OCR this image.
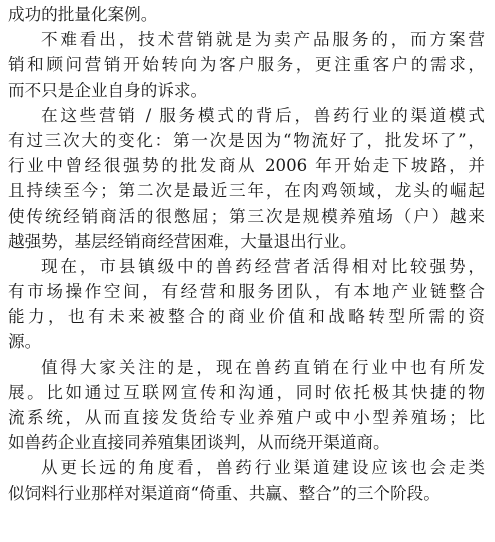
成功的批量化案例。

不难看出，技术营销就是为卖产品服务的，而方案营
销和顾问营销开始转向为客户服务，更注重客户的需求，
而不只是企业自身的诉求。

在这些营销 / 服务模式的背后，兽药行业的渠道模式
有过三次大的变化：第一次是因为“物流好了，批发坏了”，
行业中曾经很强势的批发商从 2006 年开始走下坡路，并
且持续至今；第二次是最近三年，在肉鸡领域，龙头的崛起
使传统经销商活的很憋屈；第三次是规模养殖场（户）越来
越强势，基层经销商经营困难，大量退出行业。

现在，市县镇级中的兽药经营者活得相对比较强势，
有市场操作空间，有经营和服务团队，有本地产业链整合
能力，也有未来被整合的商业价值和战略转型所需的资
源。

值得大家关注的是，现在兽药直销在行业中也有所发
展。比如通过互联网宣传和沟通，同时依托极其快捷的物
流系统，从而直接发货给专业养殖户或中小型养殖场；比
如兽药企业直接同养殖集团谈判，从而绕开渠道商。

从更长远的角度看，兽药行业渠道建设应该也会走类
似饲料行业那样对渠道商“倚重、共赢、整合”的三个阶段。
